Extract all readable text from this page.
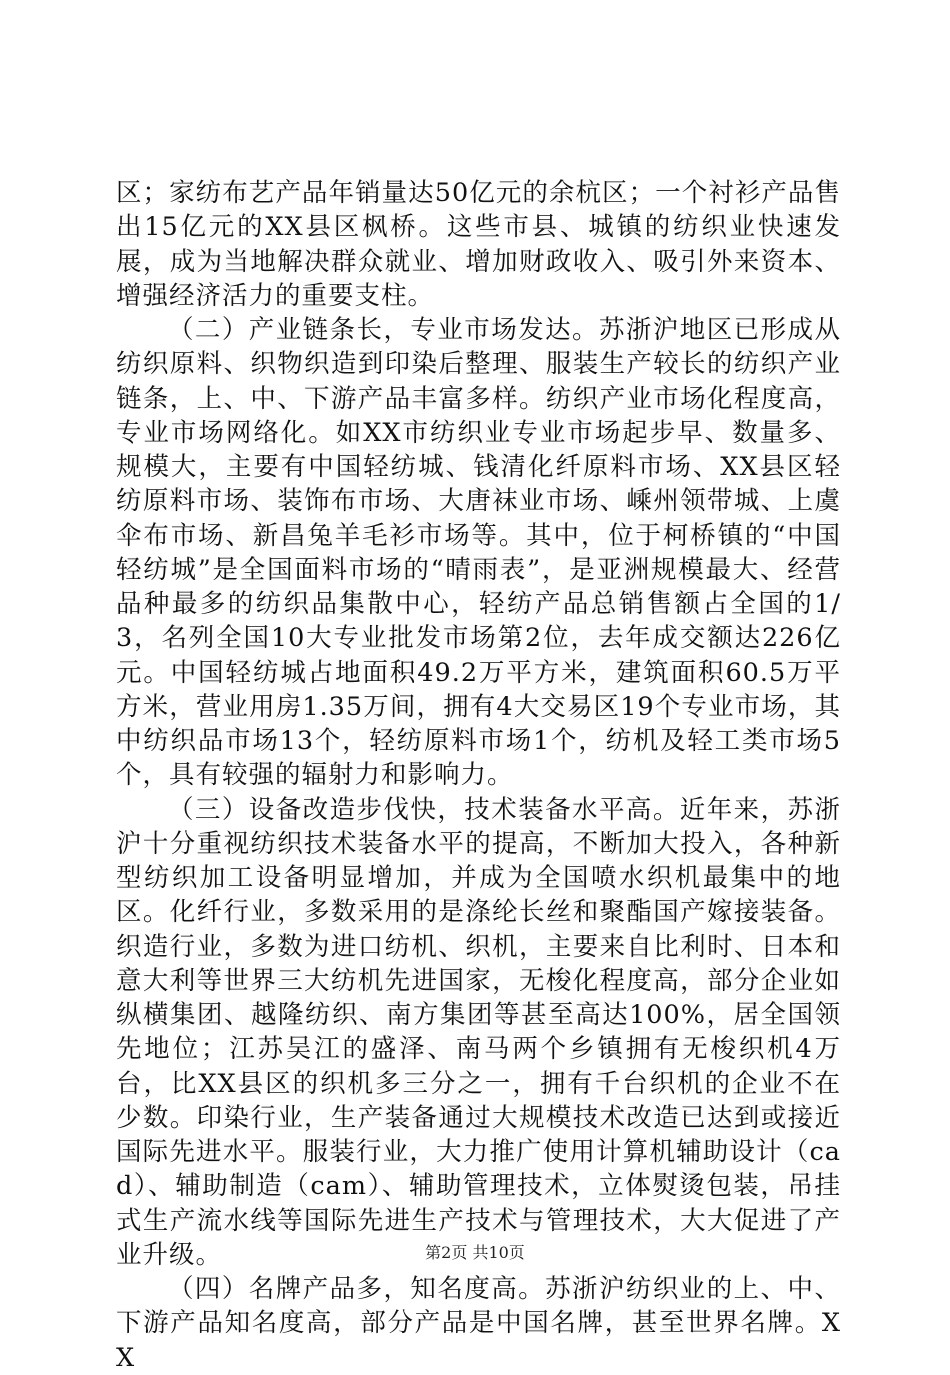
区；家纺布艺产品年销量达50亿元的余杭区；一个衬衫产品售出15亿元的XX县区枫桥。这些市县、城镇的纺织业快速发展，成为当地解决群众就业、增加财政收入、吸引外来资本、增强经济活力的重要支柱。

（二）产业链条长，专业市场发达。苏浙沪地区已形成从纺织原料、织物织造到印染后整理、服装生产较长的纺织产业链条，上、中、下游产品丰富多样。纺织产业市场化程度高，专业市场网络化。如XX市纺织业专业市场起步早、数量多、规模大，主要有中国轻纺城、钱清化纤原料市场、XX县区轻纺原料市场、装饰布市场、大唐袜业市场、嵊州领带城、上虞伞布市场、新昌兔羊毛衫市场等。其中，位于柯桥镇的“中国轻纺城”是全国面料市场的“晴雨表”，是亚洲规模最大、经营品种最多的纺织品集散中心，轻纺产品总销售额占全国的1/3，名列全国10大专业批发市场第2位，去年成交额达226亿元。中国轻纺城占地面积49.2万平方米，建筑面积60.5万平方米，营业用房1.35万间，拥有4大交易区19个专业市场，其中纺织品市场13个，轻纺原料市场1个，纺机及轻工类市场5个，具有较强的辐射力和影响力。

（三）设备改造步伐快，技术装备水平高。近年来，苏浙沪十分重视纺织技术装备水平的提高，不断加大投入，各种新型纺织加工设备明显增加，并成为全国喷水织机最集中的地区。化纤行业，多数采用的是涤纶长丝和聚酯国产嫁接装备。织造行业，多数为进口纺机、织机，主要来自比利时、日本和意大利等世界三大纺机先进国家，无梭化程度高，部分企业如纵横集团、越隆纺织、南方集团等甚至高达100%，居全国领先地位；江苏吴江的盛泽、南马两个乡镇拥有无梭织机4万台，比XX县区的织机多三分之一，拥有千台织机的企业不在少数。印染行业，生产装备通过大规模技术改造已达到或接近国际先进水平。服装行业，大力推广使用计算机辅助设计（cad）、辅助制造（cam）、辅助管理技术，立体熨烫包装，吊挂式生产流水线等国际先进生产技术与管理技术，大大促进了产业升级。

（四）名牌产品多，知名度高。苏浙沪纺织业的上、中、下游产品知名度高，部分产品是中国名牌，甚至世界名牌。XX

第2页 共10页
